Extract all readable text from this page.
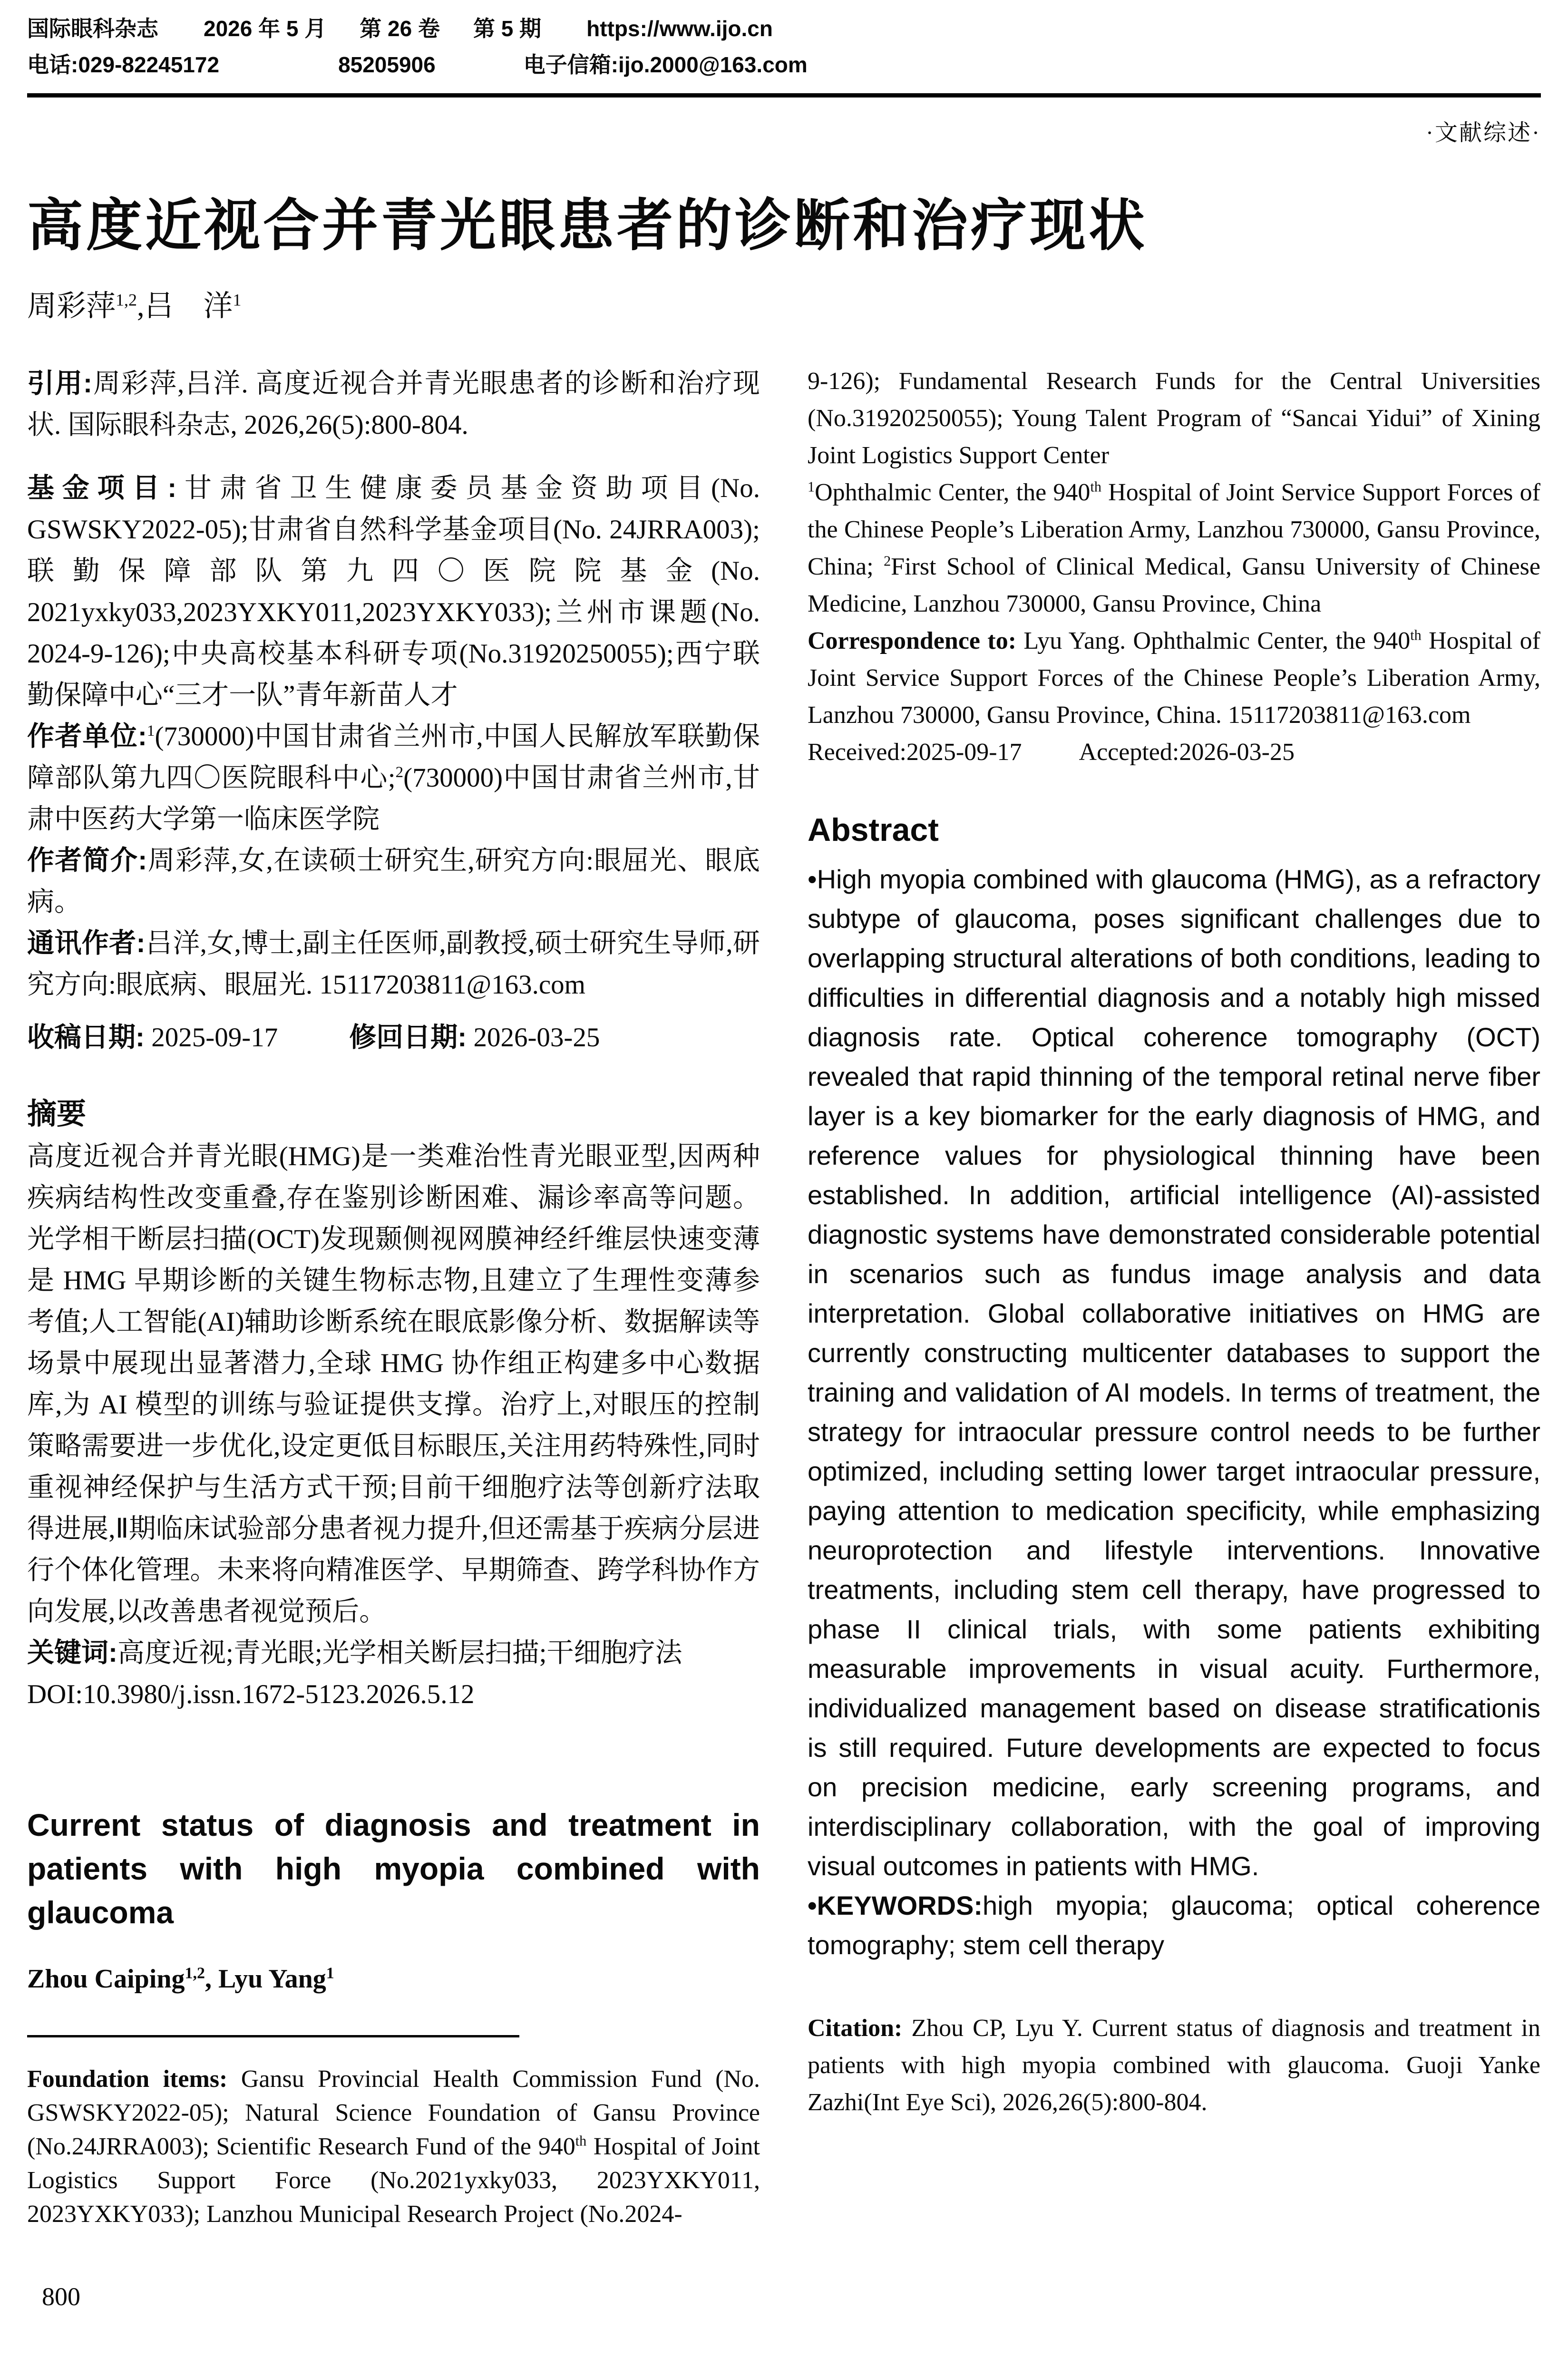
国际眼科杂志 2026 年 5 月 第 26 卷 第 5 期 https://www.ijo.cn
电话:029-82245172	85205906	电子信箱:ijo.2000@163.com
·文献综述·
高度近视合并青光眼患者的诊断和治疗现状
周彩萍$^{1,2}$,吕　洋$^1$

引用:周彩萍,吕洋. 高度近视合并青光眼患者的诊断和治疗现状. 国际眼科杂志, 2026,26(5):800-804.

基金项目:甘肃省卫生健康委员基金资助项目(No. GSWSKY2022-05);甘肃省自然科学基金项目(No. 24JRRA003);联勤保障部队第九四〇医院院基金(No. 2021yxky033,2023YXKY011,2023YXKY033);兰州市课题(No. 2024-9-126);中央高校基本科研专项(No.31920250055);西宁联勤保障中心“三才一队”青年新苗人才

作者单位:$^1$(730000)中国甘肃省兰州市,中国人民解放军联勤保障部队第九四〇医院眼科中心;$^2$(730000)中国甘肃省兰州市,甘肃中医药大学第一临床医学院

作者简介:周彩萍,女,在读硕士研究生,研究方向:眼屈光、眼底病。

通讯作者:吕洋,女,博士,副主任医师,副教授,硕士研究生导师,研究方向:眼底病、眼屈光. 15117203811@163.com

收稿日期: 2025-09-17	修回日期: 2026-03-25

摘要

高度近视合并青光眼(HMG)是一类难治性青光眼亚型,因两种疾病结构性改变重叠,存在鉴别诊断困难、漏诊率高等问题。光学相干断层扫描(OCT)发现颞侧视网膜神经纤维层快速变薄是 HMG 早期诊断的关键生物标志物,且建立了生理性变薄参考值;人工智能(AI)辅助诊断系统在眼底影像分析、数据解读等场景中展现出显著潜力,全球 HMG 协作组正构建多中心数据库,为 AI 模型的训练与验证提供支撑。治疗上,对眼压的控制策略需要进一步优化,设定更低目标眼压,关注用药特殊性,同时重视神经保护与生活方式干预;目前干细胞疗法等创新疗法取得进展,Ⅱ期临床试验部分患者视力提升,但还需基于疾病分层进行个体化管理。未来将向精准医学、早期筛查、跨学科协作方向发展,以改善患者视觉预后。

关键词:高度近视;青光眼;光学相关断层扫描;干细胞疗法

DOI:10.3980/j.issn.1672-5123.2026.5.12

Current status of diagnosis and treatment in patients with high myopia combined with glaucoma
Zhou Caiping$^{1,2}$, Lyu Yang$^1$

Foundation items: Gansu Provincial Health Commission Fund (No. GSWSKY2022-05); Natural Science Foundation of Gansu Province (No.24JRRA003); Scientific Research Fund of the 940th Hospital of Joint Logistics Support Force (No.2021yxky033, 2023YXKY011, 2023YXKY033); Lanzhou Municipal Research Project (No.2024-

9-126); Fundamental Research Funds for the Central Universities (No.31920250055); Young Talent Program of “Sancai Yidui” of Xining Joint Logistics Support Center

$^1$Ophthalmic Center, the 940th Hospital of Joint Service Support Forces of the Chinese People’s Liberation Army, Lanzhou 730000, Gansu Province, China; $^2$First School of Clinical Medical, Gansu University of Chinese Medicine, Lanzhou 730000, Gansu Province, China

Correspondence to: Lyu Yang. Ophthalmic Center, the 940th Hospital of Joint Service Support Forces of the Chinese People’s Liberation Army, Lanzhou 730000, Gansu Province, China. 15117203811@163.com

Received:2025-09-17 Accepted:2026-03-25

Abstract

•High myopia combined with glaucoma (HMG), as a refractory subtype of glaucoma, poses significant challenges due to overlapping structural alterations of both conditions, leading to difficulties in differential diagnosis and a notably high missed diagnosis rate. Optical coherence tomography (OCT) revealed that rapid thinning of the temporal retinal nerve fiber layer is a key biomarker for the early diagnosis of HMG, and reference values for physiological thinning have been established. In addition, artificial intelligence (AI)-assisted diagnostic systems have demonstrated considerable potential in scenarios such as fundus image analysis and data interpretation. Global collaborative initiatives on HMG are currently constructing multicenter databases to support the training and validation of AI models. In terms of treatment, the strategy for intraocular pressure control needs to be further optimized, including setting lower target intraocular pressure, paying attention to medication specificity, while emphasizing neuroprotection and lifestyle interventions. Innovative treatments, including stem cell therapy, have progressed to phase II clinical trials, with some patients exhibiting measurable improvements in visual acuity. Furthermore, individualized management based on disease stratificationis is still required. Future developments are expected to focus on precision medicine, early screening programs, and interdisciplinary collaboration, with the goal of improving visual outcomes in patients with HMG.

•KEYWORDS:high myopia; glaucoma; optical coherence tomography; stem cell therapy

Citation: Zhou CP, Lyu Y. Current status of diagnosis and treatment in patients with high myopia combined with glaucoma. Guoji Yanke Zazhi(Int Eye Sci), 2026,26(5):800-804.

800
